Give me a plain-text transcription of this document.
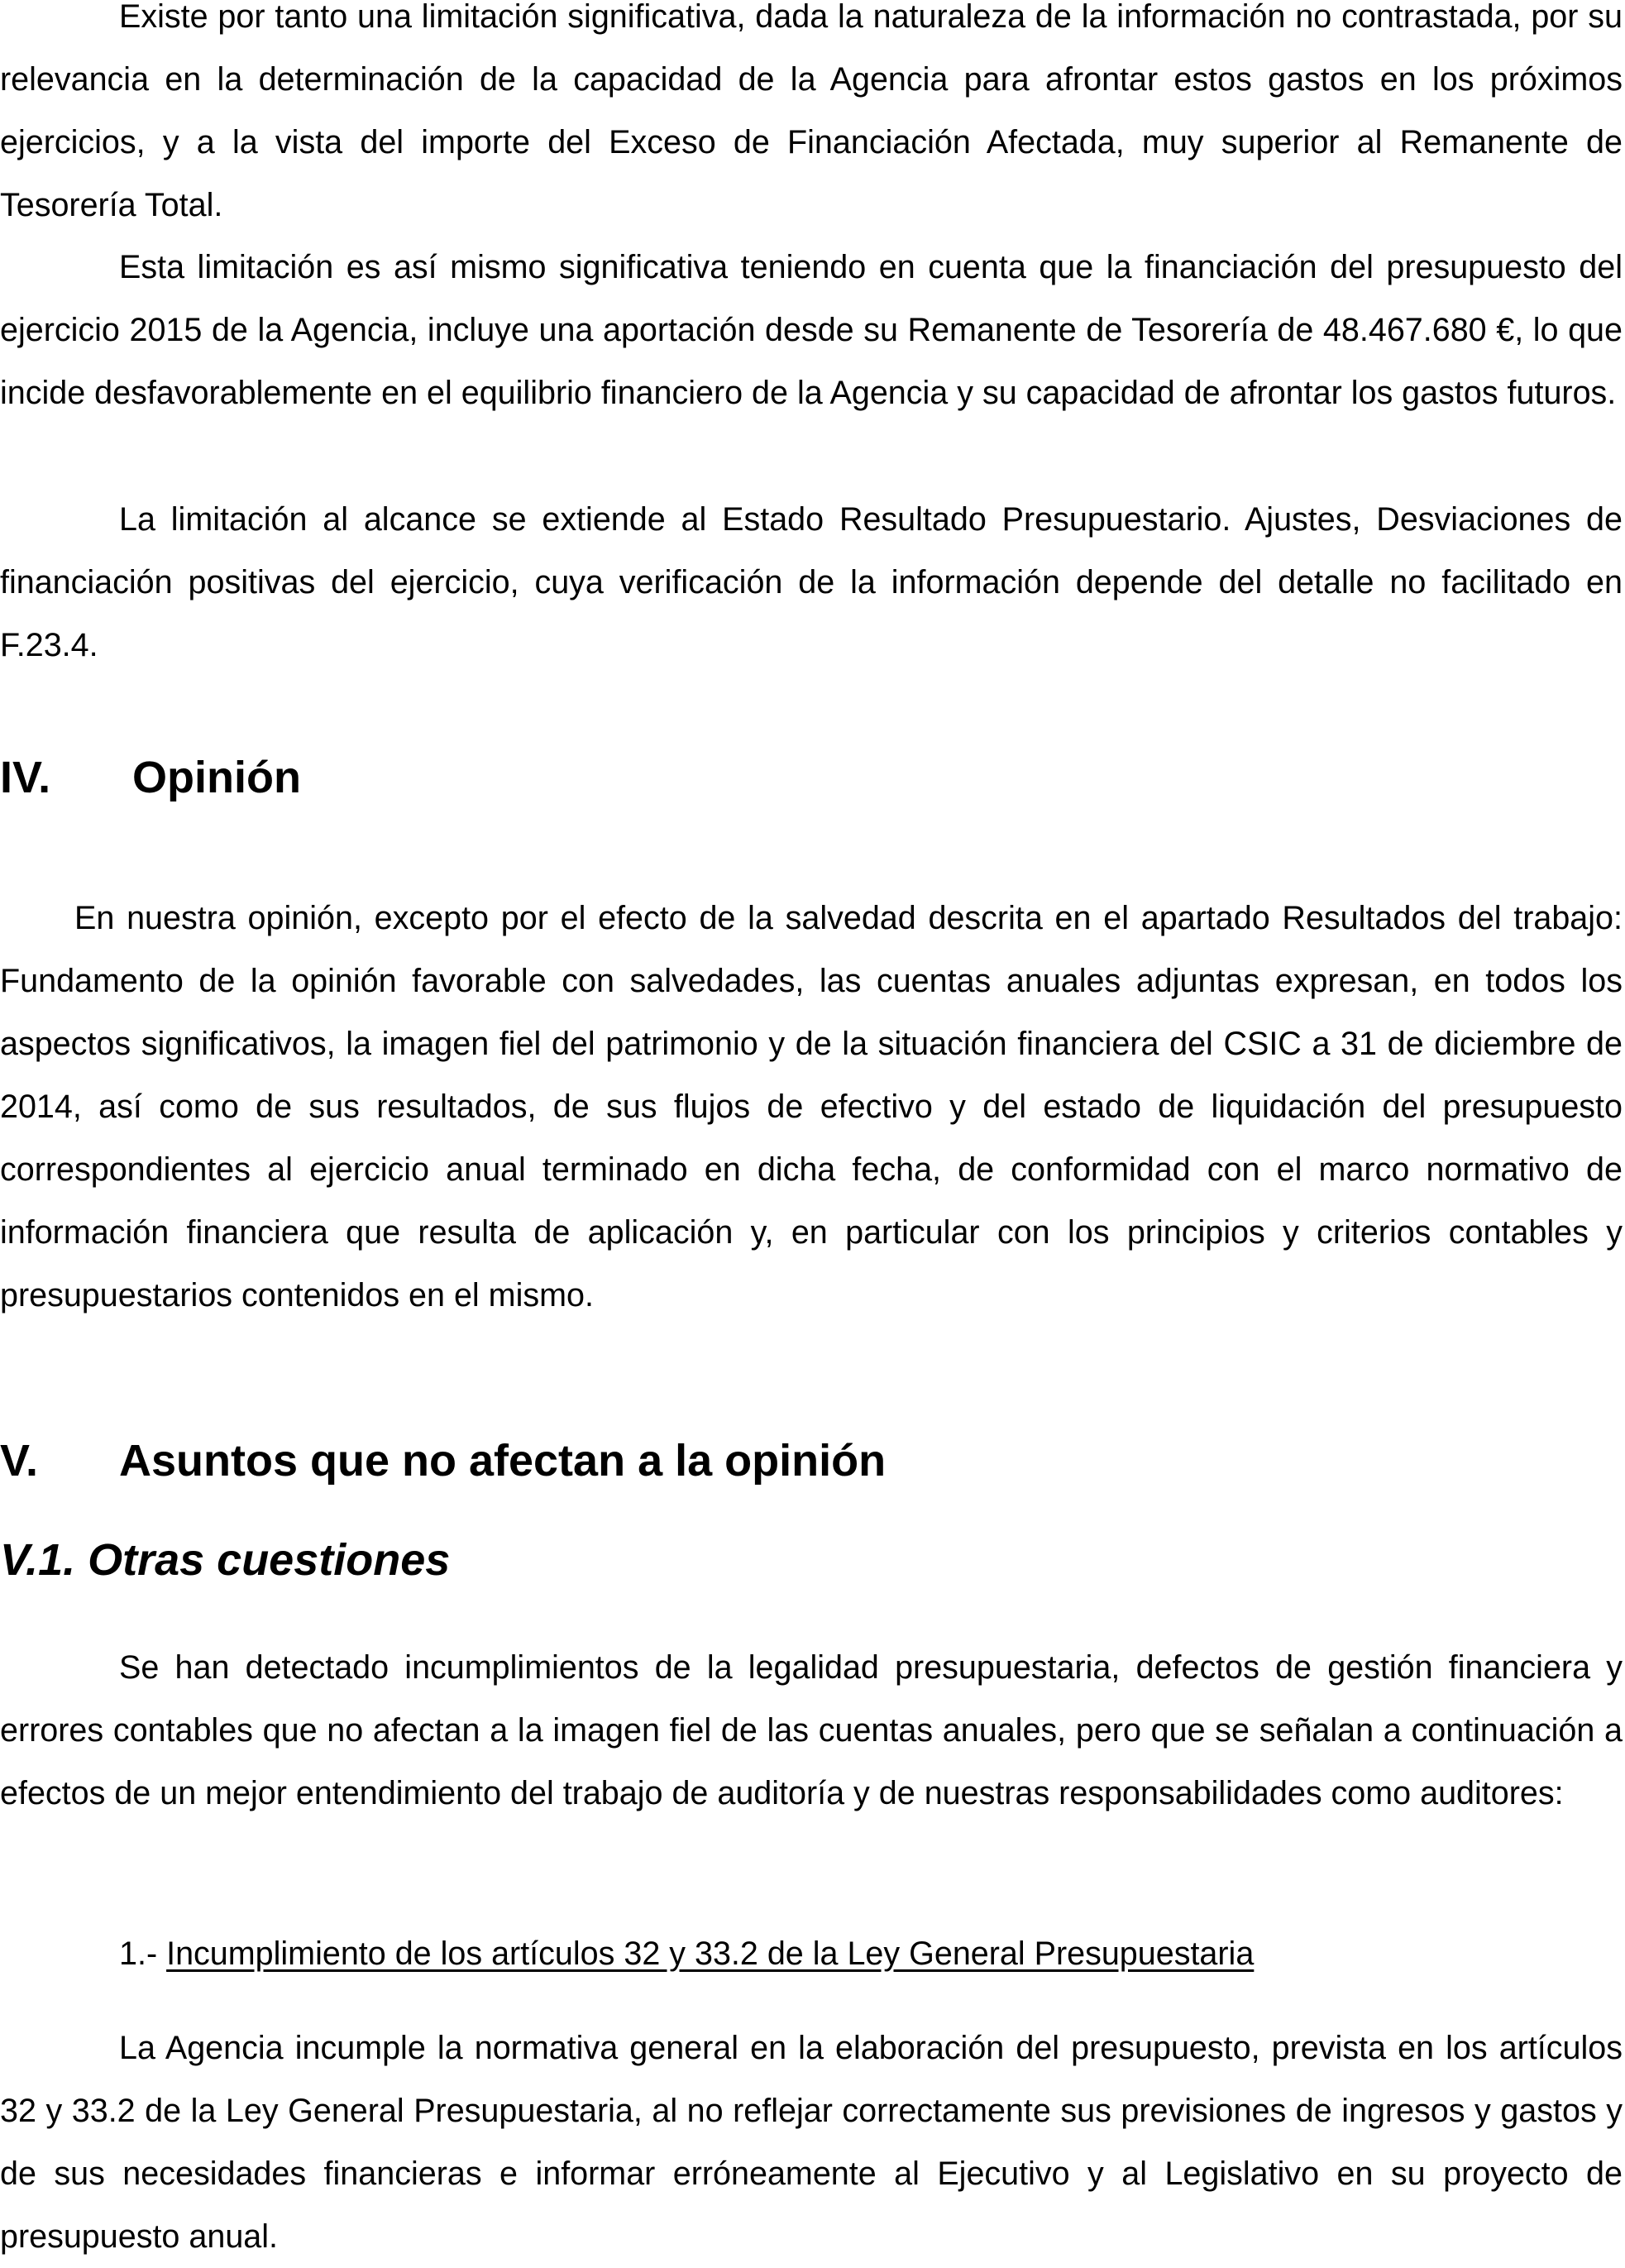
Existe por tanto una limitación significativa, dada la naturaleza de la información no contrastada, por su relevancia en la determinación de la capacidad de la Agencia para afrontar estos gastos en los próximos ejercicios, y a la vista del importe del Exceso de Financiación Afectada, muy superior al Remanente de Tesorería Total.

Esta limitación es así mismo significativa teniendo en cuenta que la financiación del presupuesto del ejercicio 2015 de la Agencia, incluye una aportación desde su Remanente de Tesorería de 48.467.680 €, lo que incide desfavorablemente en el equilibrio financiero de la Agencia y su capacidad de afrontar los gastos futuros.

La limitación al alcance se extiende al Estado Resultado Presupuestario. Ajustes, Desviaciones de financiación positivas del ejercicio, cuya verificación de la información depende del detalle no facilitado en F.23.4.

IV. Opinión

En nuestra opinión, excepto por el efecto de la salvedad descrita en el apartado Resultados del trabajo: Fundamento de la opinión favorable con salvedades, las cuentas anuales adjuntas expresan, en todos los aspectos significativos, la imagen fiel del patrimonio y de la situación financiera del CSIC a 31 de diciembre de 2014, así como de sus resultados, de sus flujos de efectivo y del estado de liquidación del presupuesto correspondientes al ejercicio anual terminado en dicha fecha, de conformidad con el marco normativo de información financiera que resulta de aplicación y, en particular con los principios y criterios contables y presupuestarios contenidos en el mismo.

V. Asuntos que no afectan a la opinión
V.1. Otras cuestiones

Se han detectado incumplimientos de la legalidad presupuestaria, defectos de gestión financiera y errores contables que no afectan a la imagen fiel de las cuentas anuales, pero que se señalan a continuación a efectos de un mejor entendimiento del trabajo de auditoría y de nuestras responsabilidades como auditores:

1.- Incumplimiento de los artículos 32 y 33.2 de la Ley General Presupuestaria

La Agencia incumple la normativa general en la elaboración del presupuesto, prevista en los artículos 32 y 33.2 de la Ley General Presupuestaria, al no reflejar correctamente sus previsiones de ingresos y gastos y de sus necesidades financieras e informar erróneamente al Ejecutivo y al Legislativo en su proyecto de presupuesto anual.
